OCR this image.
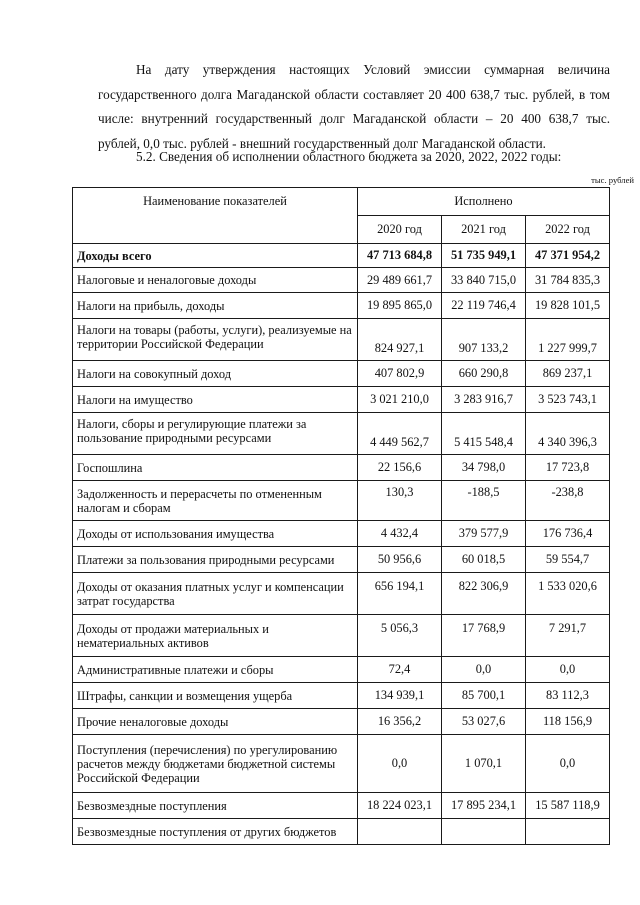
На дату утверждения настоящих Условий эмиссии суммарная величина государственного долга Магаданской области составляет 20 400 638,7 тыс. рублей, в том числе: внутренний государственный долг Магаданской области – 20 400 638,7 тыс. рублей, 0,0 тыс. рублей - внешний государственный долг Магаданской области.

5.2. Сведения об исполнении областного бюджета за 2020, 2022, 2022 годы:

тыс. рублей

Наименование показателей	Исполнено		
	2020 год	2021 год	2022 год
Доходы всего	47 713 684,8	51 735 949,1	47 371 954,2
Налоговые и неналоговые доходы	29 489 661,7	33 840 715,0	31 784 835,3
Налоги на прибыль, доходы	19 895 865,0	22 119 746,4	19 828 101,5
Налоги на товары (работы, услуги), реализуемые на территории Российской Федерации	824 927,1	907 133,2	1 227 999,7
Налоги на совокупный доход	407 802,9	660 290,8	869 237,1
Налоги на имущество	3 021 210,0	3 283 916,7	3 523 743,1
Налоги, сборы и регулирующие платежи за пользование природными ресурсами	4 449 562,7	5 415 548,4	4 340 396,3
Госпошлина	22 156,6	34 798,0	17 723,8
Задолженность и перерасчеты по отмененным налогам и сборам	130,3	-188,5	-238,8
Доходы от использования имущества	4 432,4	379 577,9	176 736,4
Платежи за пользования природными ресурсами	50 956,6	60 018,5	59 554,7
Доходы от оказания платных услуг и компенсации затрат государства	656 194,1	822 306,9	1 533 020,6
Доходы от продажи материальных и нематериальных активов	5 056,3	17 768,9	7 291,7
Административные платежи и сборы	72,4	0,0	0,0
Штрафы, санкции и возмещения ущерба	134 939,1	85 700,1	83 112,3
Прочие неналоговые доходы	16 356,2	53 027,6	118 156,9
Поступления (перечисления) по урегулированию расчетов между бюджетами бюджетной системы Российской Федерации	0,0	1 070,1	0,0
Безвозмездные поступления	18 224 023,1	17 895 234,1	15 587 118,9
Безвозмездные поступления от других бюджетов			
